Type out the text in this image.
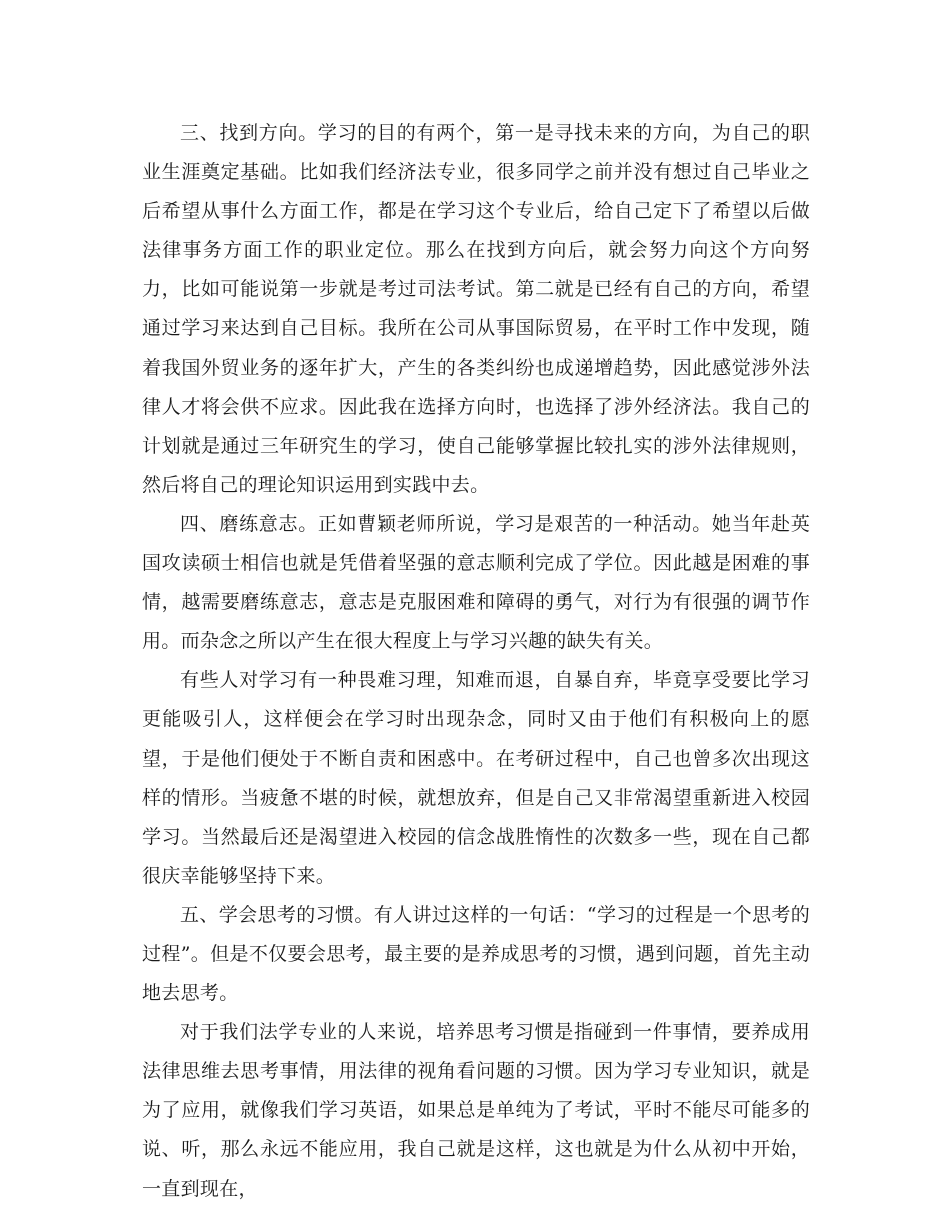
三、找到方向。学习的目的有两个，第一是寻找未来的方向，为自己的职业生涯奠定基础。比如我们经济法专业，很多同学之前并没有想过自己毕业之后希望从事什么方面工作，都是在学习这个专业后，给自己定下了希望以后做法律事务方面工作的职业定位。那么在找到方向后，就会努力向这个方向努力，比如可能说第一步就是考过司法考试。第二就是已经有自己的方向，希望通过学习来达到自己目标。我所在公司从事国际贸易，在平时工作中发现，随着我国外贸业务的逐年扩大，产生的各类纠纷也成递增趋势，因此感觉涉外法律人才将会供不应求。因此我在选择方向时，也选择了涉外经济法。我自己的计划就是通过三年研究生的学习，使自己能够掌握比较扎实的涉外法律规则，然后将自己的理论知识运用到实践中去。

四、磨练意志。正如曹颖老师所说，学习是艰苦的一种活动。她当年赴英国攻读硕士相信也就是凭借着坚强的意志顺利完成了学位。因此越是困难的事情，越需要磨练意志，意志是克服困难和障碍的勇气，对行为有很强的调节作用。而杂念之所以产生在很大程度上与学习兴趣的缺失有关。

有些人对学习有一种畏难习理，知难而退，自暴自弃，毕竟享受要比学习更能吸引人，这样便会在学习时出现杂念，同时又由于他们有积极向上的愿望，于是他们便处于不断自责和困惑中。在考研过程中，自己也曾多次出现这样的情形。当疲惫不堪的时候，就想放弃，但是自己又非常渴望重新进入校园学习。当然最后还是渴望进入校园的信念战胜惰性的次数多一些，现在自己都很庆幸能够坚持下来。

五、学会思考的习惯。有人讲过这样的一句话：“学习的过程是一个思考的过程”。但是不仅要会思考，最主要的是养成思考的习惯，遇到问题，首先主动地去思考。

对于我们法学专业的人来说，培养思考习惯是指碰到一件事情，要养成用法律思维去思考事情，用法律的视角看问题的习惯。因为学习专业知识，就是为了应用，就像我们学习英语，如果总是单纯为了考试，平时不能尽可能多的说、听，那么永远不能应用，我自己就是这样，这也就是为什么从初中开始，一直到现在，
